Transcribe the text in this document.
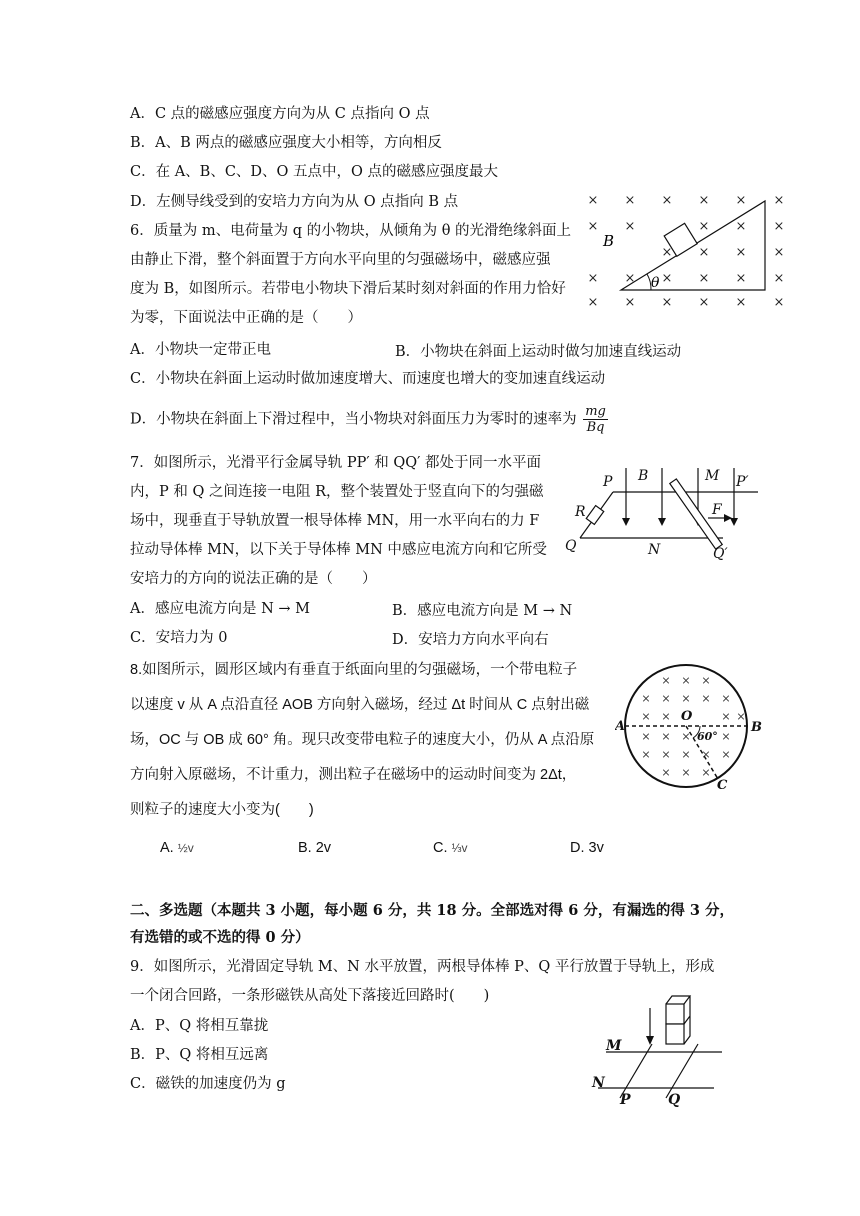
A．C 点的磁感应强度方向为从 C 点指向 O 点
B．A、B 两点的磁感应强度大小相等，方向相反
C．在 A、B、C、D、O 五点中，O 点的磁感应强度最大
D．左侧导线受到的安培力方向为从 O 点指向 B 点
6．质量为 m、电荷量为 q 的小物块，从倾角为 θ 的光滑绝缘斜面上
由静止下滑，整个斜面置于方向水平向里的匀强磁场中，磁感应强
度为 B，如图所示。若带电小物块下滑后某时刻对斜面的作用力恰好
为零，下面说法中正确的是（　　）
A．小物块一定带正电	B．小物块在斜面上运动时做匀加速直线运动
C．小物块在斜面上运动时做加速度增大、而速度也增大的变加速直线运动
D．小物块在斜面上下滑过程中，当小物块对斜面压力为零时的速率为 $\frac{mg}{Bq}$
× × × × × ×
× ×	× × ×
× × × ×
× × × × × ×
× × × × × ×
θ
B
7．如图所示，光滑平行金属导轨 PP′ 和 QQ′ 都处于同一水平面
内，P 和 Q 之间连接一电阻 R，整个装置处于竖直向下的匀强磁
场中，现垂直于导轨放置一根导体棒 MN，用一水平向右的力 F
拉动导体棒 MN，以下关于导体棒 MN 中感应电流方向和它所受
安培力的方向的说法正确的是（　　）
A．感应电流方向是 N → M	B．感应电流方向是 M → N
C．安培力为 0	D．安培力方向水平向右
P
Q
B	M P′
Q′
R	F
N
8.如图所示，圆形区域内有垂直于纸面向里的匀强磁场，一个带电粒子
以速度 v 从 A 点沿直径 AOB 方向射入磁场，经过 Δt 时间从 C 点射出磁
场，OC 与 OB 成 60° 角。现只改变带电粒子的速度大小，仍从 A 点沿原
方向射入原磁场，不计重力，测出粒子在磁场中的运动时间变为 2Δt，
则粒子的速度大小变为(　　)
A. ½v	B. 2v	C. ⅓v	D. 3v
× × ×
× × × × ×
× ×	× ×
× × ×	×
× × × × ×
× × ×
A
O
B
C
60°
二、多选题（本题共 3 小题，每小题 6 分，共 18 分。全部选对得 6 分，有漏选的得 3 分，
有选错的或不选的得 0 分）
9．如图所示，光滑固定导轨 M、N 水平放置，两根导体棒 P、Q 平行放置于导轨上，形成
一个闭合回路，一条形磁铁从高处下落接近回路时(　　)
A．P、Q 将相互靠拢
B．P、Q 将相互远离
C．磁铁的加速度仍为 g
M
N
P	Q
